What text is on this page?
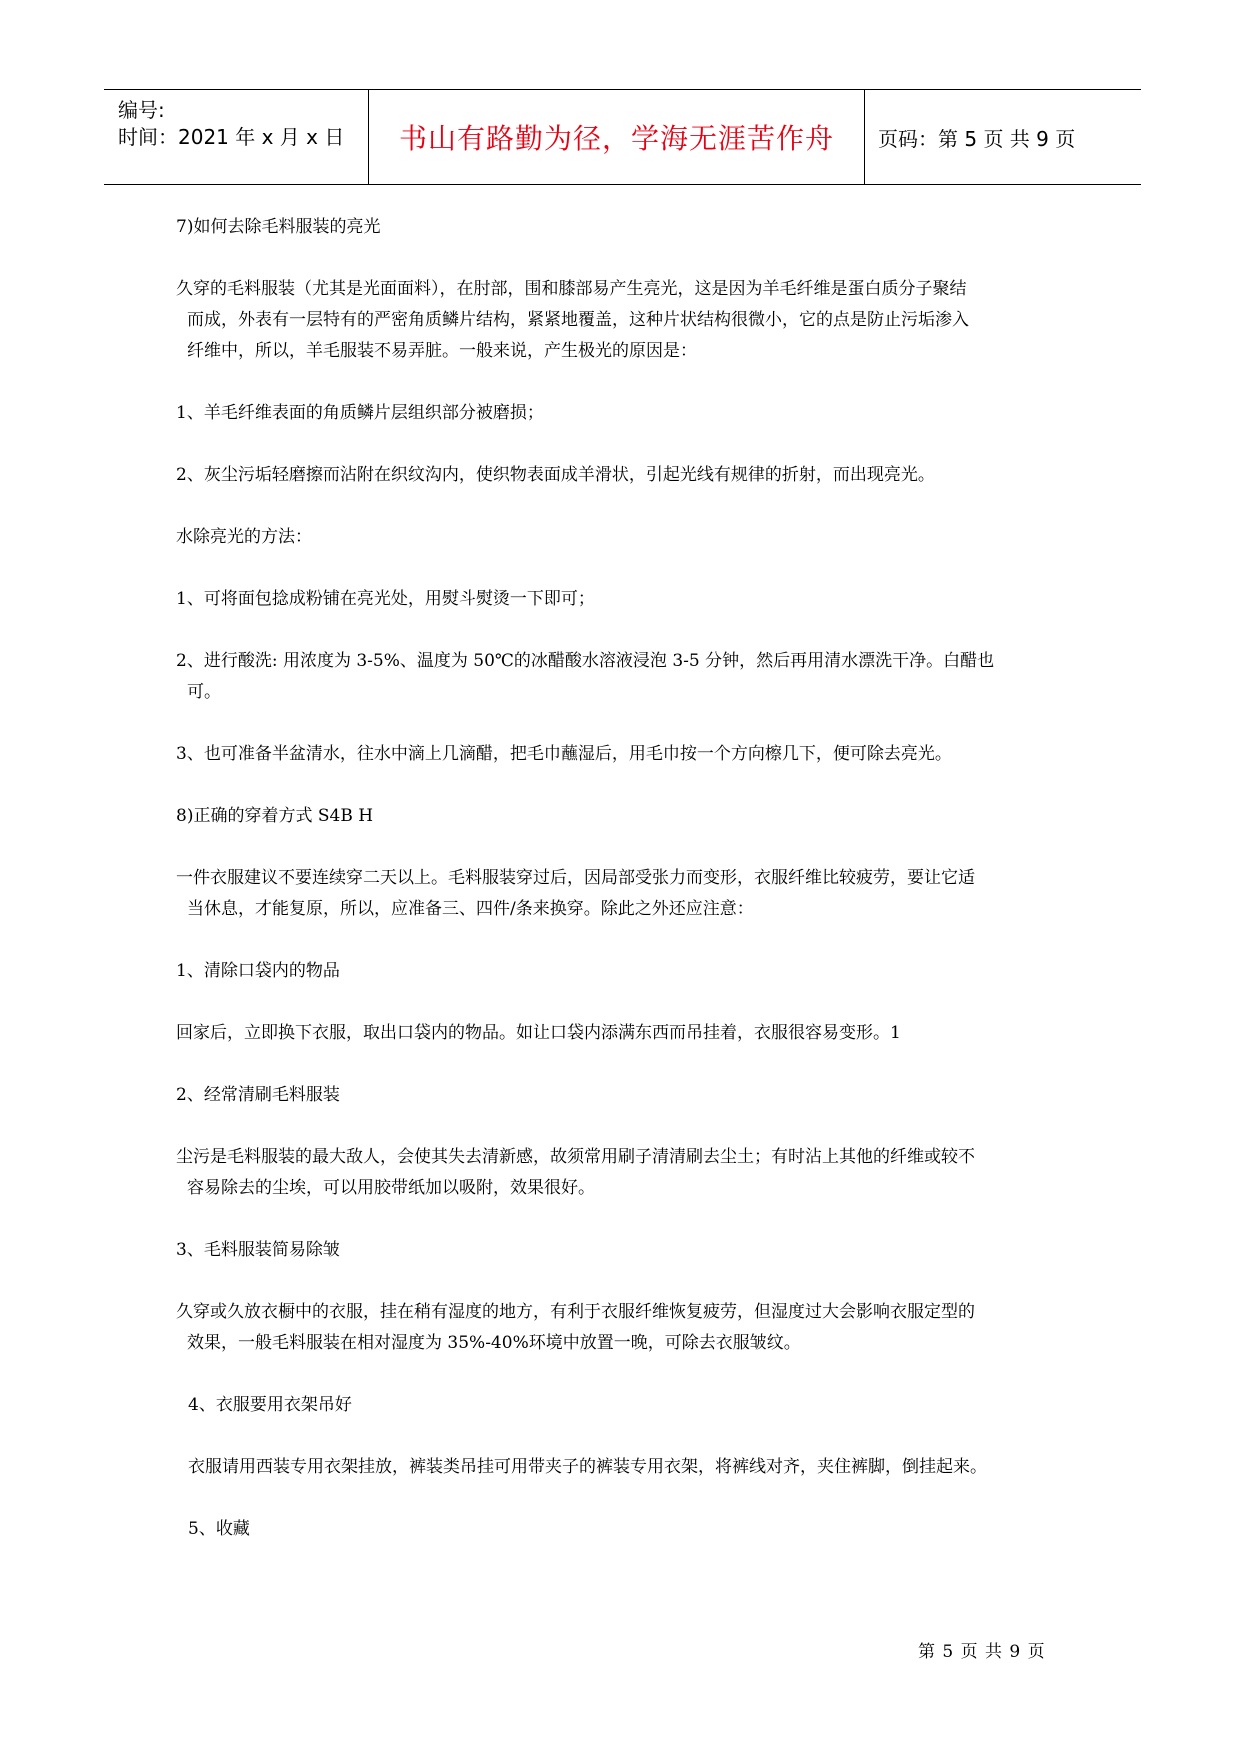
编号:
时间：2021 年 x 月 x 日	书山有路勤为径，学海无涯苦作舟	页码：第 5 页 共 9 页

7)如何去除毛料服装的亮光

久穿的毛料服装（尤其是光面面料），在肘部，围和膝部易产生亮光，这是因为羊毛纤维是蛋白质分子聚结
而成，外表有一层特有的严密角质鳞片结构，紧紧地覆盖，这种片状结构很微小，它的点是防止污垢渗入
纤维中，所以，羊毛服装不易弄脏。一般来说，产生极光的原因是：

1、羊毛纤维表面的角质鳞片层组织部分被磨损；

2、灰尘污垢轻磨擦而沾附在织纹沟内，使织物表面成羊滑状，引起光线有规律的折射，而出现亮光。

水除亮光的方法：

1、可将面包捻成粉铺在亮光处，用熨斗熨烫一下即可；

2、进行酸洗: 用浓度为 3-5%、温度为 50℃的冰醋酸水溶液浸泡 3-5 分钟，然后再用清水漂洗干净。白醋也
可。

3、也可准备半盆清水，往水中滴上几滴醋，把毛巾蘸湿后，用毛巾按一个方向檫几下，便可除去亮光。

8)正确的穿着方式 S4B H

一件衣服建议不要连续穿二天以上。毛料服装穿过后，因局部受张力而变形，衣服纤维比较疲劳，要让它适
当休息，才能复原，所以，应准备三、四件/条来换穿。除此之外还应注意：

1、清除口袋内的物品

回家后，立即换下衣服，取出口袋内的物品。如让口袋内添满东西而吊挂着，衣服很容易变形。1

2、经常清刷毛料服装

尘污是毛料服装的最大敌人，会使其失去清新感，故须常用刷子清清刷去尘土；有时沾上其他的纤维或较不
容易除去的尘埃，可以用胶带纸加以吸附，效果很好。

3、毛料服装简易除皱

久穿或久放衣橱中的衣服，挂在稍有湿度的地方，有利于衣服纤维恢复疲劳，但湿度过大会影响衣服定型的
效果，一般毛料服装在相对湿度为 35%-40%环境中放置一晚，可除去衣服皱纹。

4、衣服要用衣架吊好

衣服请用西装专用衣架挂放，裤装类吊挂可用带夹子的裤装专用衣架，将裤线对齐，夹住裤脚，倒挂起来。

5、收藏

第 5 页 共 9 页
